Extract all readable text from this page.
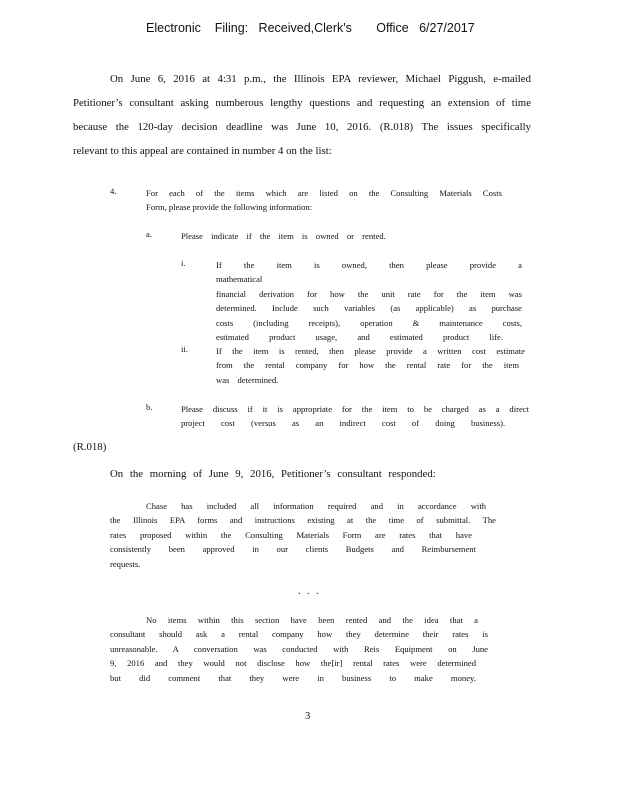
Electronic    Filing:   Received,Clerk's       Office   6/27/2017
On June 6, 2016 at 4:31 p.m., the Illinois EPA reviewer, Michael Piggush, e-mailed
Petitioner’s consultant asking numberous lengthy questions and requesting an extension of time
because the 120-day decision deadline was June 10, 2016. (R.018) The issues specifically
relevant to this appeal are contained in number 4 on the list:
4.	For each of the items which are listed on the Consulting Materials Costs
Form, please provide the following information:
a.	Please indicate if the item is owned or rented.
i.	If the item is owned, then please provide a mathematical
financial derivation for how the unit rate for the item was
determined. Include such variables (as applicable) as purchase
costs (including receipts), operation & maintenance costs,
estimated product usage, and estimated product life.
ii.	If the item is rented, then please provide a written cost estimate
from the rental company for how the rental rate for the item
was determined.
b.	Please discuss if it is appropriate for the item to be charged as a direct
project cost (versus as an indirect cost of doing business).
(R.018)
On the morning of June 9, 2016, Petitioner’s consultant responded:
Chase has included all information required and in accordance with
the Illinois EPA forms and instructions existing at the time of submittal. The
rates proposed within the Consulting Materials Form are rates that have
consistently been approved in our clients Budgets and Reimbursement
requests.
. . .
No items within this section have been rented and the idea that a
consultant should ask a rental company how they determine their rates is
unreasonable. A conversation was conducted with Reis Equipment on June
9, 2016 and they would not disclose how the[ir] rental rates were determined
but did comment that they were in business to make money.
3
